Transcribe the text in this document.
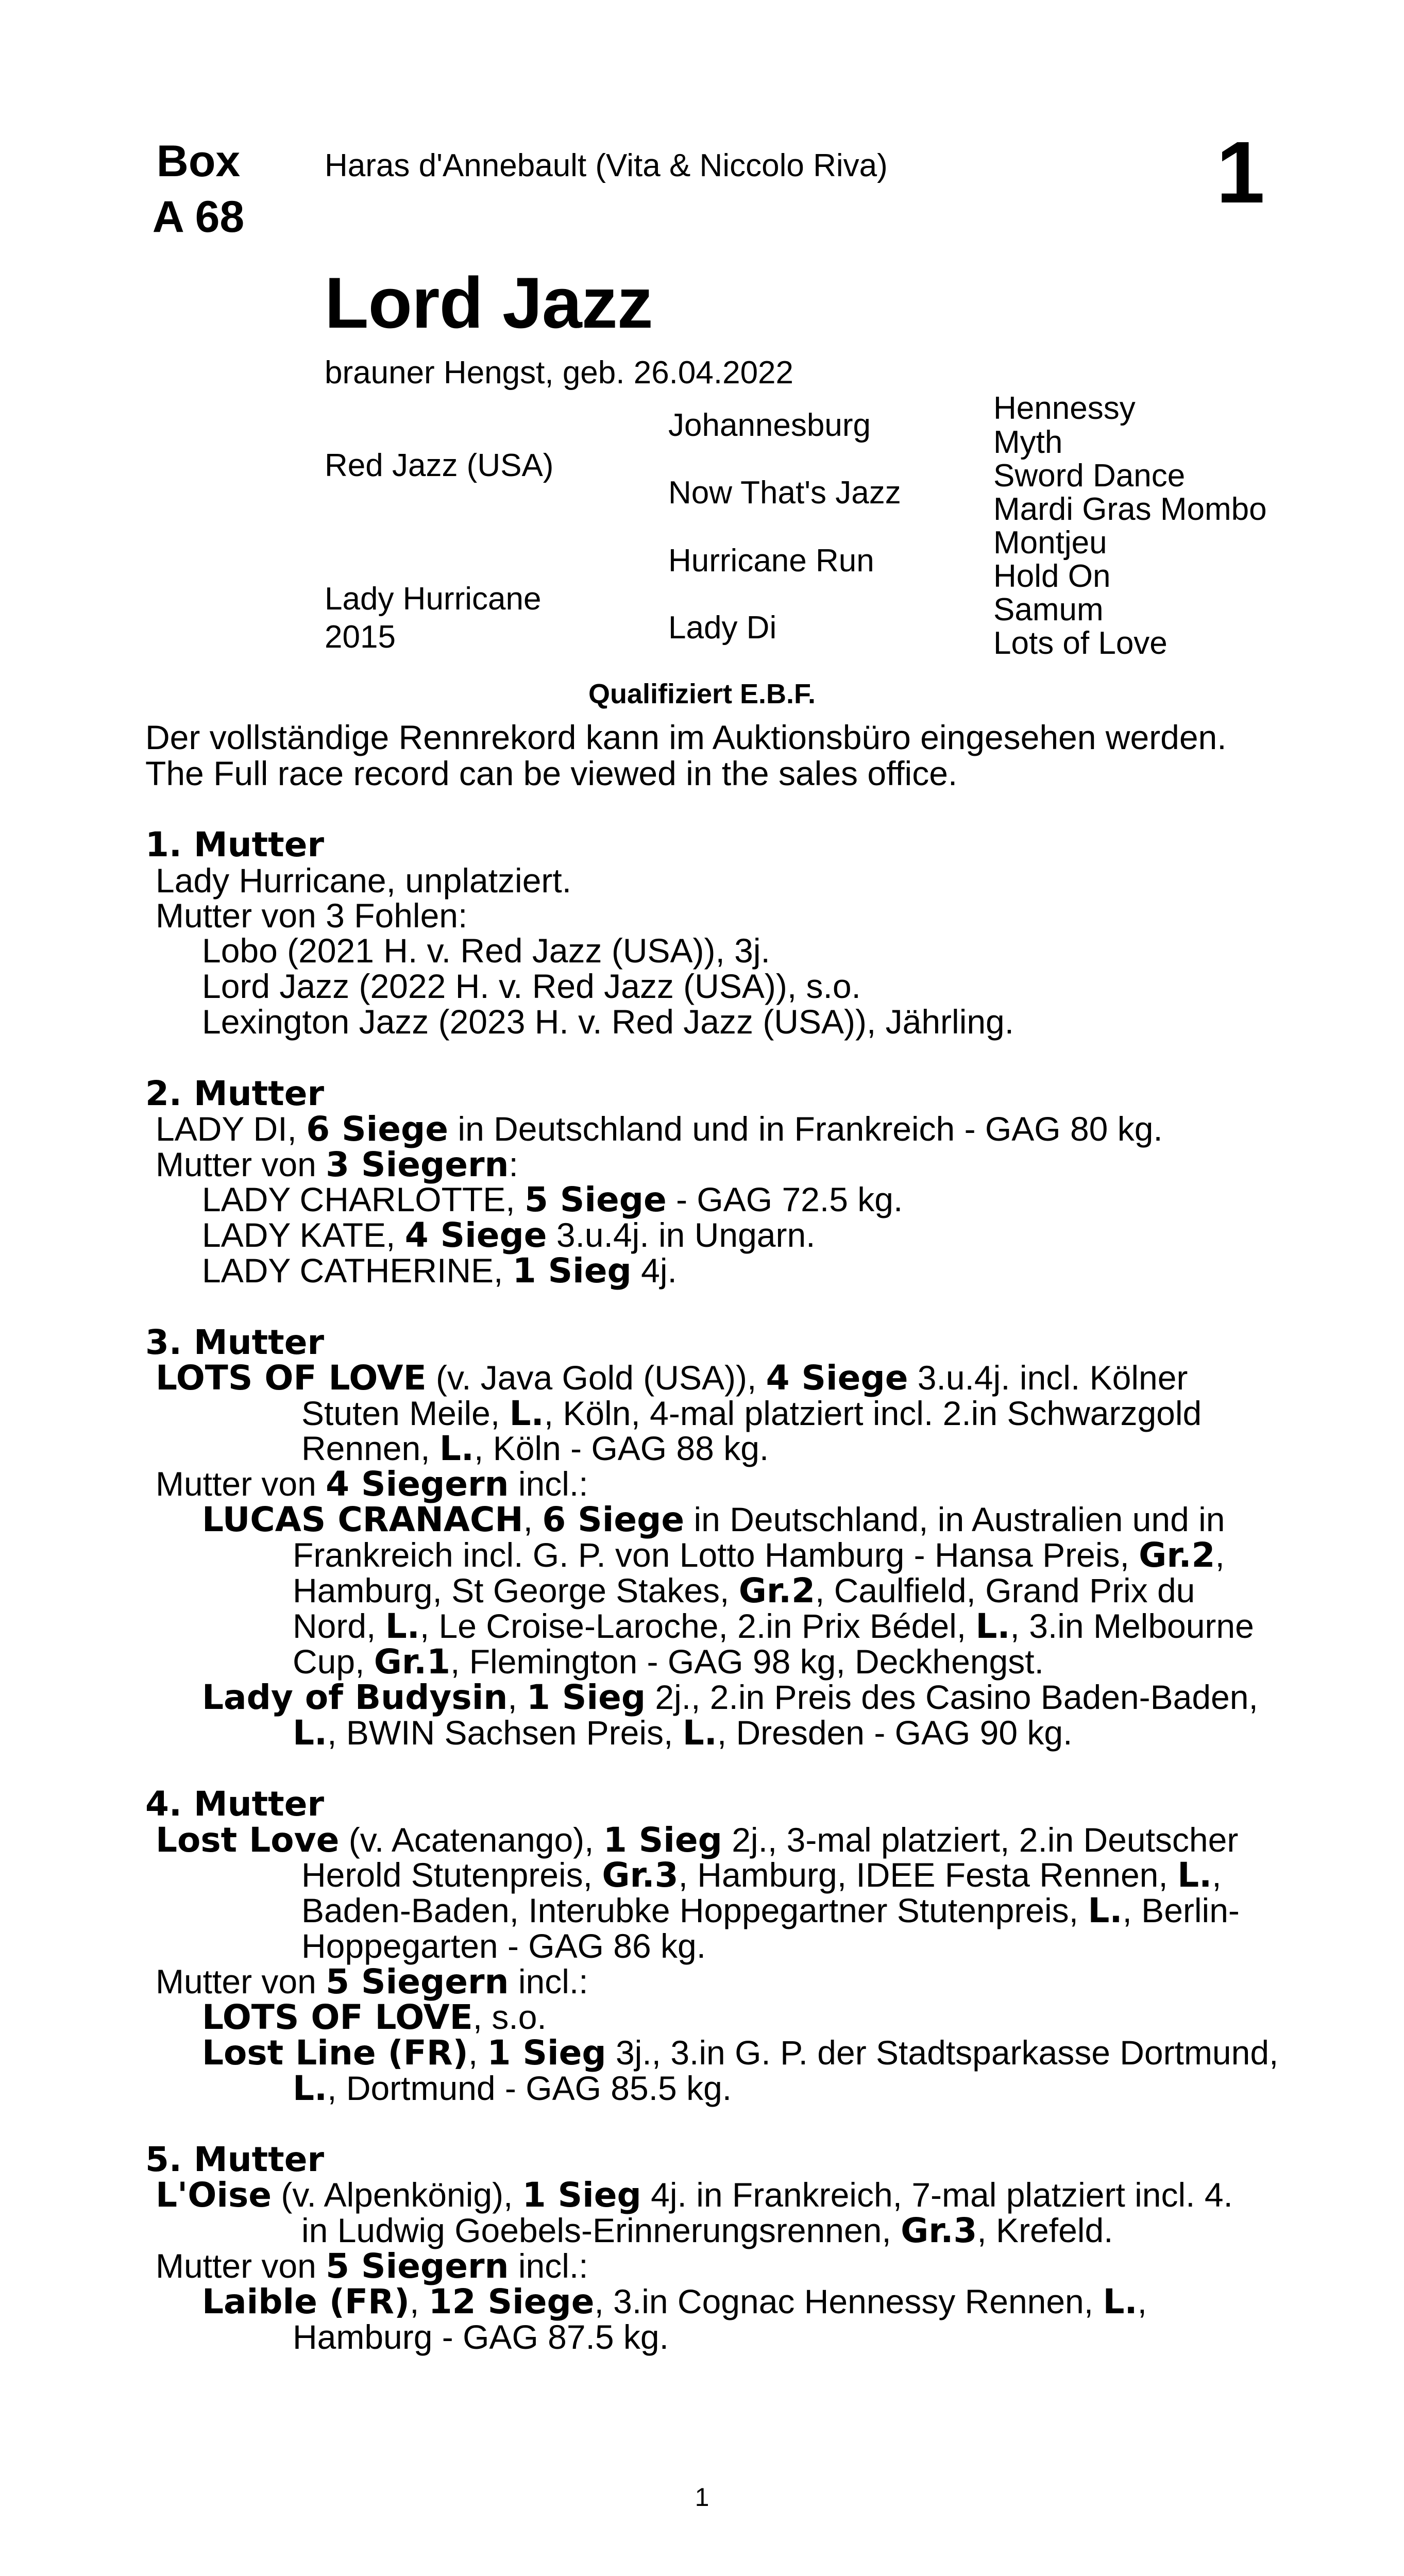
Box
A 68
Haras d'Annebault (Vita & Niccolo Riva)	1
Lord Jazz
brauner Hengst, geb. 26.04.2022
Red Jazz (USA)
Lady Hurricane
2015
Johannesburg
Now That's Jazz
Hurricane Run
Lady Di
Hennessy
Myth
Sword Dance
Mardi Gras Mombo
Montjeu
Hold On
Samum
Lots of Love
Qualifiziert E.B.F.
Der vollständige Rennrekord kann im Auktionsbüro eingesehen werden.
The Full race record can be viewed in the sales office.
1. Mutter
Lady Hurricane, unplatziert.
Mutter von 3 Fohlen:
Lobo (2021 H. v. Red Jazz (USA)), 3j.
Lord Jazz (2022 H. v. Red Jazz (USA)), s.o.
Lexington Jazz (2023 H. v. Red Jazz (USA)), Jährling.
2. Mutter
LADY DI, 6 Siege in Deutschland und in Frankreich - GAG 80 kg.
Mutter von 3 Siegern:
LADY CHARLOTTE, 5 Siege - GAG 72.5 kg.
LADY KATE, 4 Siege 3.u.4j. in Ungarn.
LADY CATHERINE, 1 Sieg 4j.
3. Mutter
LOTS OF LOVE (v. Java Gold (USA)), 4 Siege 3.u.4j. incl. Kölner
Stuten Meile, L., Köln, 4-mal platziert incl. 2.in Schwarzgold
Rennen, L., Köln - GAG 88 kg.
Mutter von 4 Siegern incl.:
LUCAS CRANACH, 6 Siege in Deutschland, in Australien und in
Frankreich incl. G. P. von Lotto Hamburg - Hansa Preis, Gr.2,
Hamburg, St George Stakes, Gr.2, Caulfield, Grand Prix du
Nord, L., Le Croise-Laroche, 2.in Prix Bédel, L., 3.in Melbourne
Cup, Gr.1, Flemington - GAG 98 kg, Deckhengst.
Lady of Budysin, 1 Sieg 2j., 2.in Preis des Casino Baden-Baden,
L., BWIN Sachsen Preis, L., Dresden - GAG 90 kg.
4. Mutter
Lost Love (v. Acatenango), 1 Sieg 2j., 3-mal platziert, 2.in Deutscher
Herold Stutenpreis, Gr.3, Hamburg, IDEE Festa Rennen, L.,
Baden-Baden, Interubke Hoppegartner Stutenpreis, L., Berlin-
Hoppegarten - GAG 86 kg.
Mutter von 5 Siegern incl.:
LOTS OF LOVE, s.o.
Lost Line (FR), 1 Sieg 3j., 3.in G. P. der Stadtsparkasse Dortmund,
L., Dortmund - GAG 85.5 kg.
5. Mutter
L'Oise (v. Alpenkönig), 1 Sieg 4j. in Frankreich, 7-mal platziert incl. 4.
in Ludwig Goebels-Erinnerungsrennen, Gr.3, Krefeld.
Mutter von 5 Siegern incl.:
Laible (FR), 12 Siege, 3.in Cognac Hennessy Rennen, L.,
Hamburg - GAG 87.5 kg.
1
